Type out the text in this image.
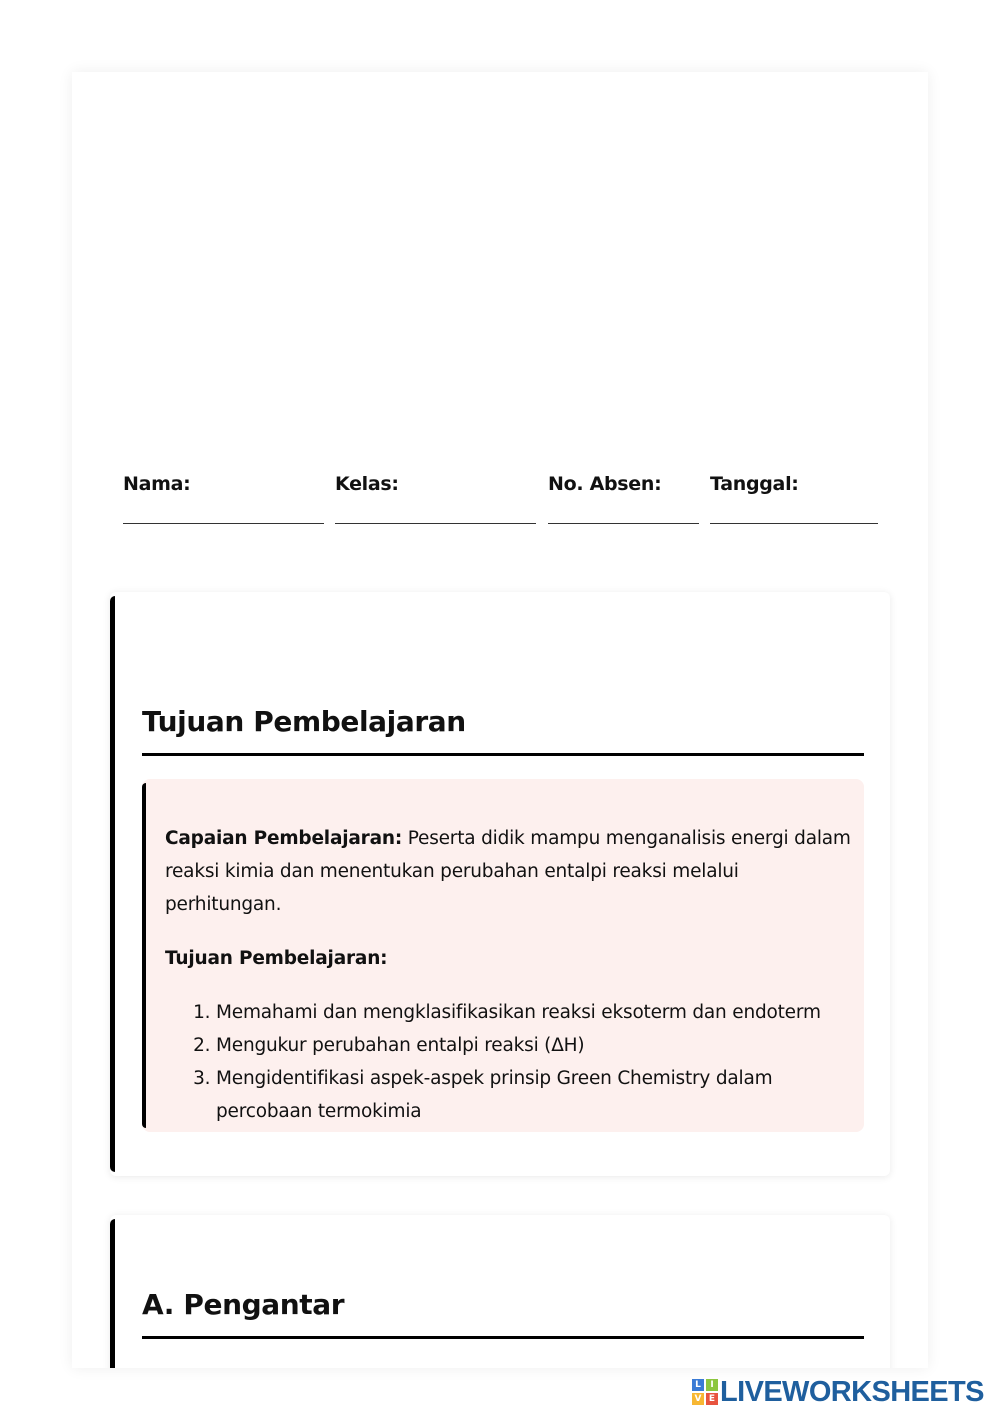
Nama:	Kelas:	No. Absen:	Tanggal:
Tujuan Pembelajaran

Capaian Pembelajaran: Peserta didik mampu menganalisis energi dalam reaksi kimia dan menentukan perubahan entalpi reaksi melalui perhitungan.

Tujuan Pembelajaran:

1. Memahami dan mengklasifikasikan reaksi eksoterm dan endoterm
2. Mengukur perubahan entalpi reaksi (ΔH)
3. Mengidentifikasi aspek-aspek prinsip Green Chemistry dalam percobaan termokimia
A. Pengantar
L	I
V E LIVEWORKSHEETS
